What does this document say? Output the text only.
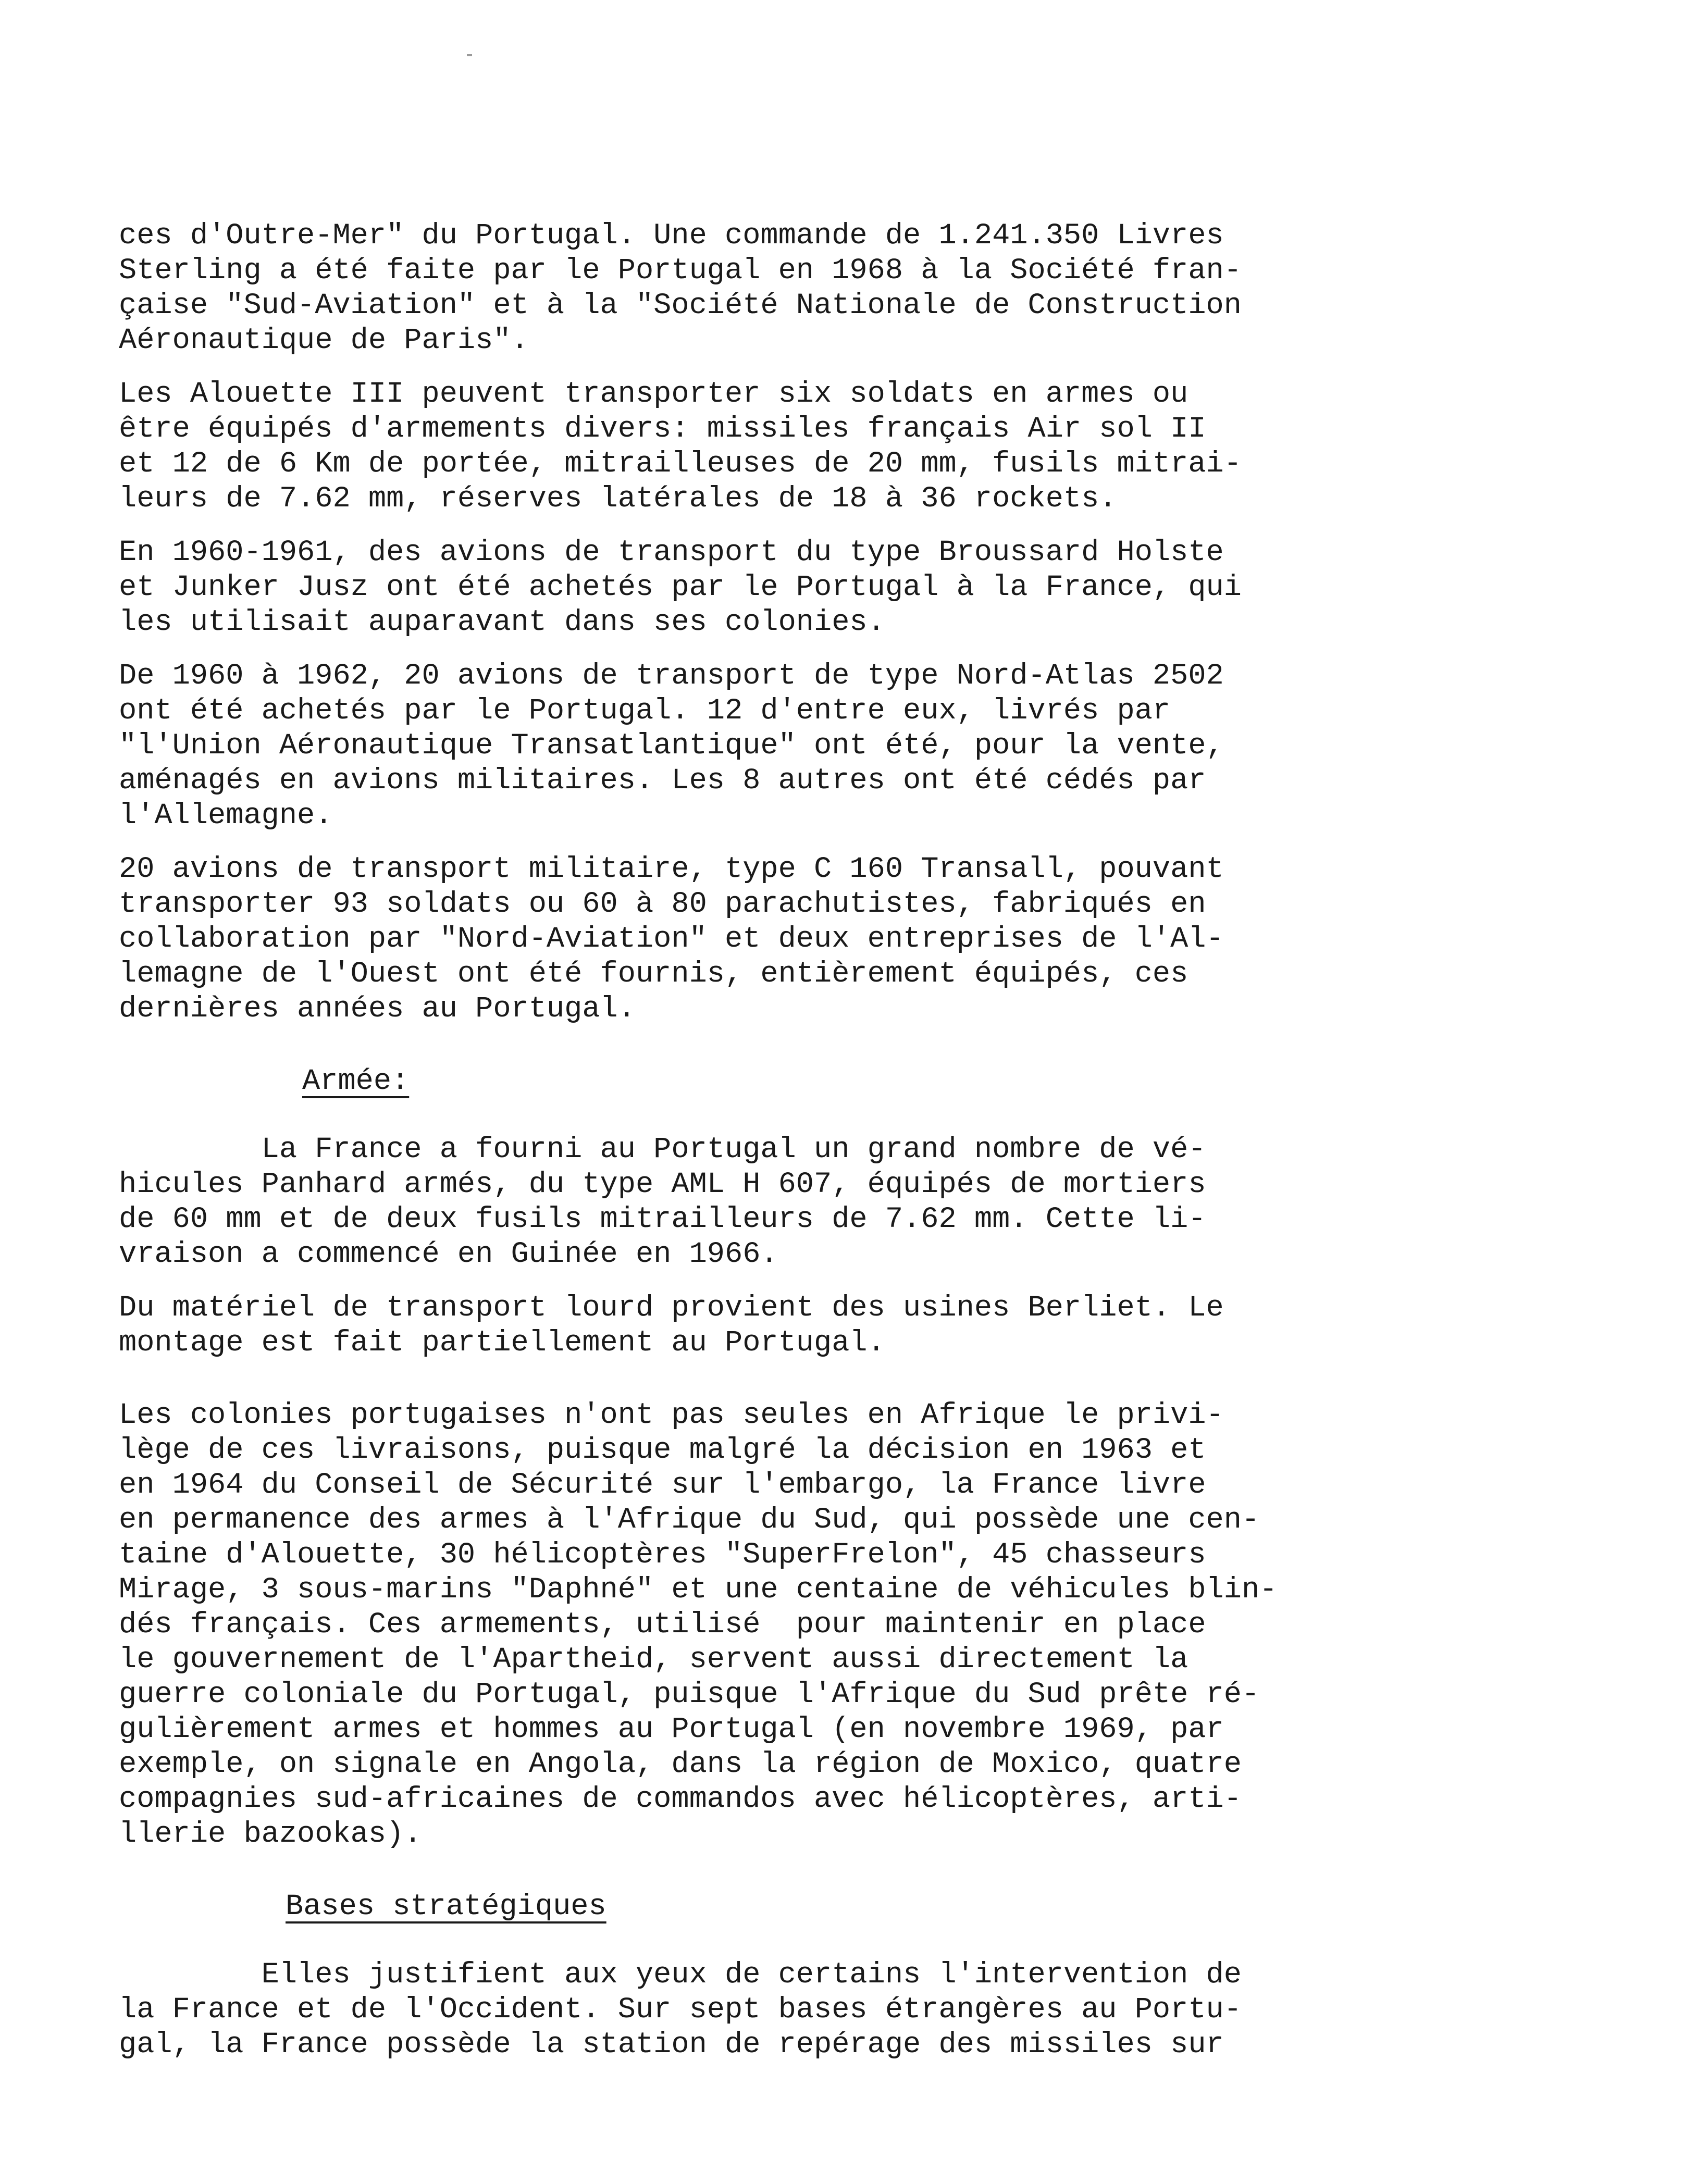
ces d'Outre-Mer" du Portugal. Une commande de 1.241.350 Livres
Sterling a été faite par le Portugal en 1968 à la Société fran-
çaise "Sud-Aviation" et à la "Société Nationale de Construction
Aéronautique de Paris".
Les Alouette III peuvent transporter six soldats en armes ou
être équipés d'armements divers: missiles français Air sol II
et 12 de 6 Km de portée, mitrailleuses de 20 mm, fusils mitrai-
leurs de 7.62 mm, réserves latérales de 18 à 36 rockets.
En 1960-1961, des avions de transport du type Broussard Holste
et Junker Jusz ont été achetés par le Portugal à la France, qui
les utilisait auparavant dans ses colonies.
De 1960 à 1962, 20 avions de transport de type Nord-Atlas 2502
ont été achetés par le Portugal. 12 d'entre eux, livrés par
"l'Union Aéronautique Transatlantique" ont été, pour la vente,
aménagés en avions militaires. Les 8 autres ont été cédés par
l'Allemagne.
20 avions de transport militaire, type C 160 Transall, pouvant
transporter 93 soldats ou 60 à 80 parachutistes, fabriqués en
collaboration par "Nord-Aviation" et deux entreprises de l'Al-
lemagne de l'Ouest ont été fournis, entièrement équipés, ces
dernières années au Portugal.
Armée:
La France a fourni au Portugal un grand nombre de vé-
hicules Panhard armés, du type AML H 607, équipés de mortiers
de 60 mm et de deux fusils mitrailleurs de 7.62 mm. Cette li-
vraison a commencé en Guinée en 1966.
Du matériel de transport lourd provient des usines Berliet. Le
montage est fait partiellement au Portugal.
Les colonies portugaises n'ont pas seules en Afrique le privi-
lège de ces livraisons, puisque malgré la décision en 1963 et
en 1964 du Conseil de Sécurité sur l'embargo, la France livre
en permanence des armes à l'Afrique du Sud, qui possède une cen-
taine d'Alouette, 30 hélicoptères "SuperFrelon", 45 chasseurs
Mirage, 3 sous-marins "Daphné" et une centaine de véhicules blin-
dés français. Ces armements, utilisé  pour maintenir en place
le gouvernement de l'Apartheid, servent aussi directement la
guerre coloniale du Portugal, puisque l'Afrique du Sud prête ré-
gulièrement armes et hommes au Portugal (en novembre 1969, par
exemple, on signale en Angola, dans la région de Moxico, quatre
compagnies sud-africaines de commandos avec hélicoptères, arti-
llerie bazookas).
Bases stratégiques
Elles justifient aux yeux de certains l'intervention de
la France et de l'Occident. Sur sept bases étrangères au Portu-
gal, la France possède la station de repérage des missiles sur
